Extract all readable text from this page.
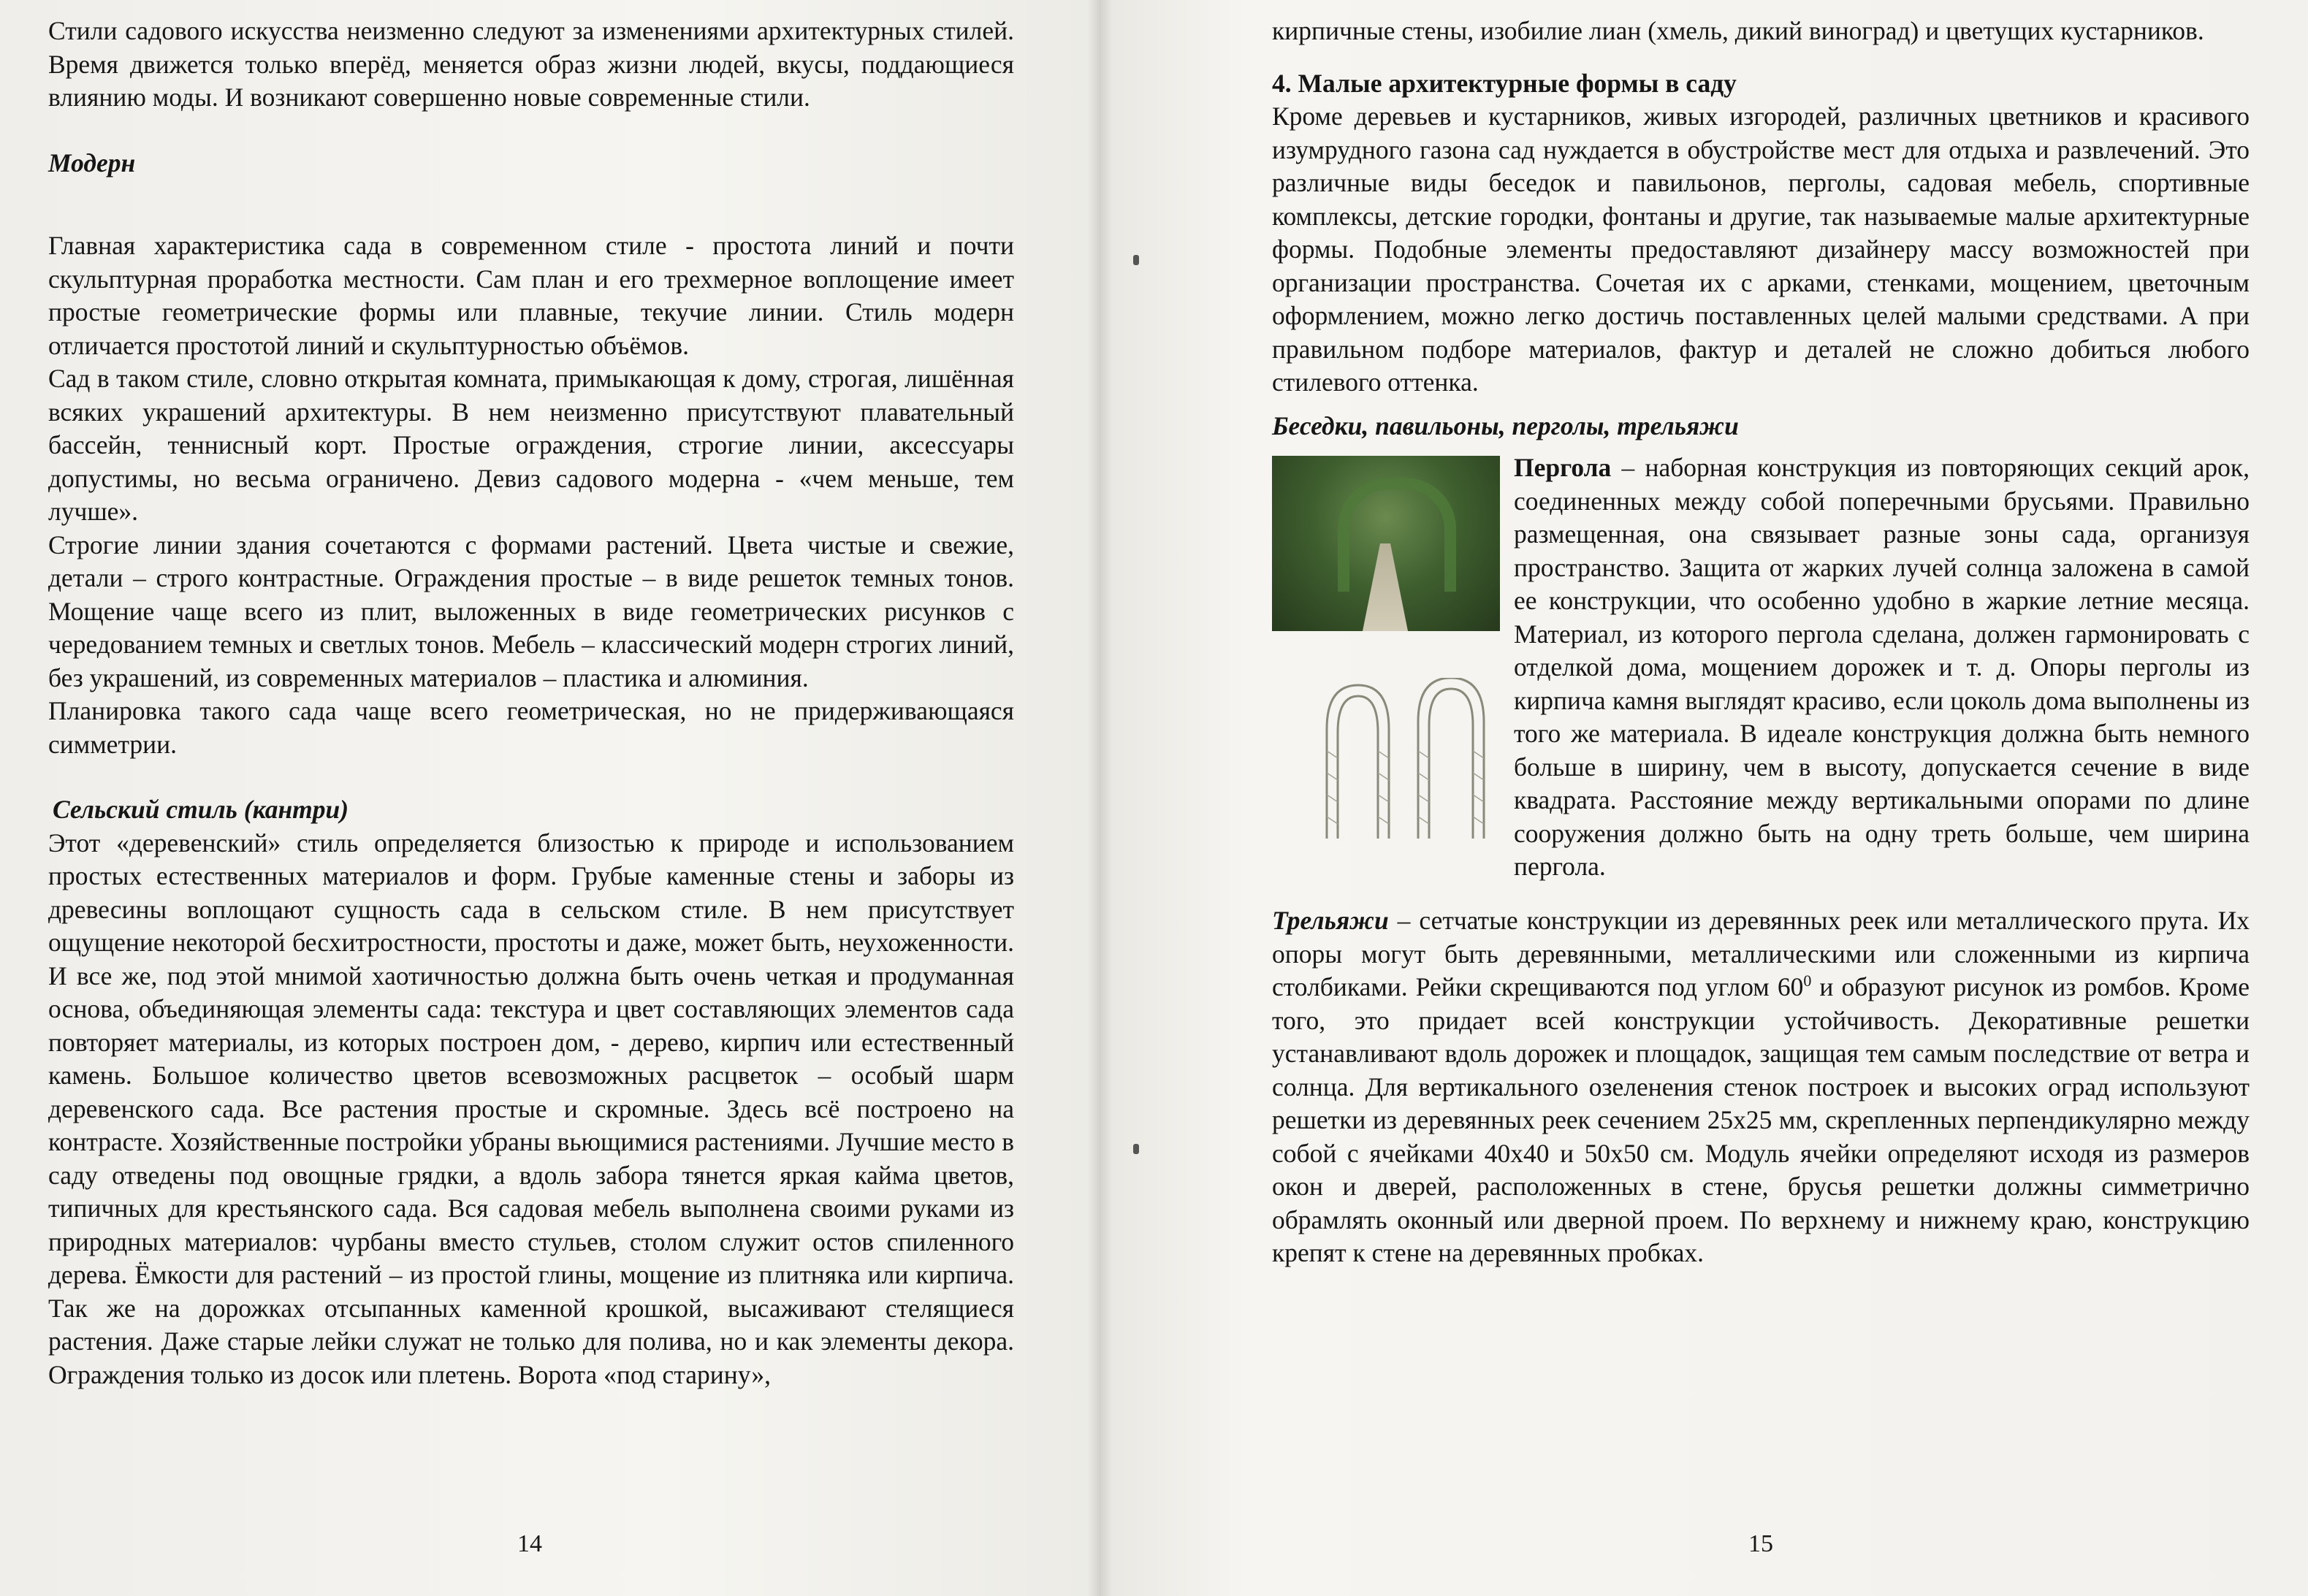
Стили садового искусства неизменно следуют за изменениями архитектурных стилей. Время движется только вперёд, меняется образ жизни людей, вкусы, поддающиеся влиянию моды. И возникают совершенно новые современные стили.

Модерн

Главная характеристика сада в современном стиле - простота линий и почти скульптурная проработка местности. Сам план и его трехмерное воплощение имеет простые геометрические формы или плавные, текучие линии. Стиль модерн отличается простотой линий и скульптурностью объёмов.

Сад в таком стиле, словно открытая комната, примыкающая к дому, строгая, лишённая всяких украшений архитектуры. В нем неизменно присутствуют плавательный бассейн, теннисный корт. Простые ограждения, строгие линии, аксессуары допустимы, но весьма ограничено. Девиз садового модерна - «чем меньше, тем лучше».

Строгие линии здания сочетаются с формами растений. Цвета чистые и свежие, детали – строго контрастные. Ограждения простые – в виде решеток темных тонов. Мощение чаще всего из плит, выложенных в виде геометрических рисунков с чередованием темных и светлых тонов. Мебель – классический модерн строгих линий, без украшений, из современных материалов – пластика и алюминия.

Планировка такого сада чаще всего геометрическая, но не придерживающаяся симметрии.

Сельский стиль (кантри)

Этот «деревенский» стиль определяется близостью к природе и использованием простых естественных материалов и форм. Грубые каменные стены и заборы из древесины воплощают сущность сада в сельском стиле. В нем присутствует ощущение некоторой бесхитростности, простоты и даже, может быть, неухоженности. И все же, под этой мнимой хаотичностью должна быть очень четкая и продуманная основа, объединяющая элементы сада: текстура и цвет составляющих элементов сада повторяет материалы, из которых построен дом, - дерево, кирпич или естественный камень. Большое количество цветов всевозможных расцветок – особый шарм деревенского сада. Все растения простые и скромные. Здесь всё построено на контрасте. Хозяйственные постройки убраны вьющимися растениями. Лучшие место в саду отведены под овощные грядки, а вдоль забора тянется яркая кайма цветов, типичных для крестьянского сада. Вся садовая мебель выполнена своими руками из природных материалов: чурбаны вместо стульев, столом служит остов спиленного дерева. Ёмкости для растений – из простой глины, мощение из плитняка или кирпича. Так же на дорожках отсыпанных каменной крошкой, высаживают стелящиеся растения. Даже старые лейки служат не только для полива, но и как элементы декора. Ограждения только из досок или плетень. Ворота «под старину»,

14

кирпичные стены, изобилие лиан (хмель, дикий виноград) и цветущих кустарников.

4. Малые архитектурные формы в саду

Кроме деревьев и кустарников, живых изгородей, различных цветников и красивого изумрудного газона сад нуждается в обустройстве мест для отдыха и развлечений. Это различные виды беседок и павильонов, перголы, садовая мебель, спортивные комплексы, детские городки, фонтаны и другие, так называемые малые архитектурные формы. Подобные элементы предоставляют дизайнеру массу возможностей при организации пространства. Сочетая их с арками, стенками, мощением, цветочным оформлением, можно легко достичь поставленных целей малыми средствами. А при правильном подборе материалов, фактур и деталей не сложно добиться любого стилевого оттенка.

Беседки, павильоны, перголы, трельяжи

Пергола – наборная конструкция из повторяющих секций арок, соединенных между собой поперечными брусьями. Правильно размещенная, она связывает разные зоны сада, организуя пространство. Защита от жарких лучей солнца заложена в самой ее конструкции, что особенно удобно в жаркие летние месяца. Материал, из которого пергола сделана, должен гармонировать с отделкой дома, мощением дорожек и т. д. Опоры перголы из кирпича камня выглядят красиво, если цоколь дома выполнены из того же материала. В идеале конструкция должна быть немного больше в ширину, чем в высоту, допускается сечение в виде квадрата. Расстояние между вертикальными опорами по длине сооружения должно быть на одну треть больше, чем ширина пергола.

Трельяжи – сетчатые конструкции из деревянных реек или металлического прута. Их опоры могут быть деревянными, металлическими или сложенными из кирпича столбиками. Рейки скрещиваются под углом $60^0$ и образуют рисунок из ромбов. Кроме того, это придает всей конструкции устойчивость. Декоративные решетки устанавливают вдоль дорожек и площадок, защищая тем самым последствие от ветра и солнца. Для вертикального озеленения стенок построек и высоких оград используют решетки из деревянных реек сечением 25х25 мм, скрепленных перпендикулярно между собой с ячейками 40х40 и 50х50 см. Модуль ячейки определяют исходя из размеров окон и дверей, расположенных в стене, брусья решетки должны симметрично обрамлять оконный или дверной проем. По верхнему и нижнему краю, конструкцию крепят к стене на деревянных пробках.

15
